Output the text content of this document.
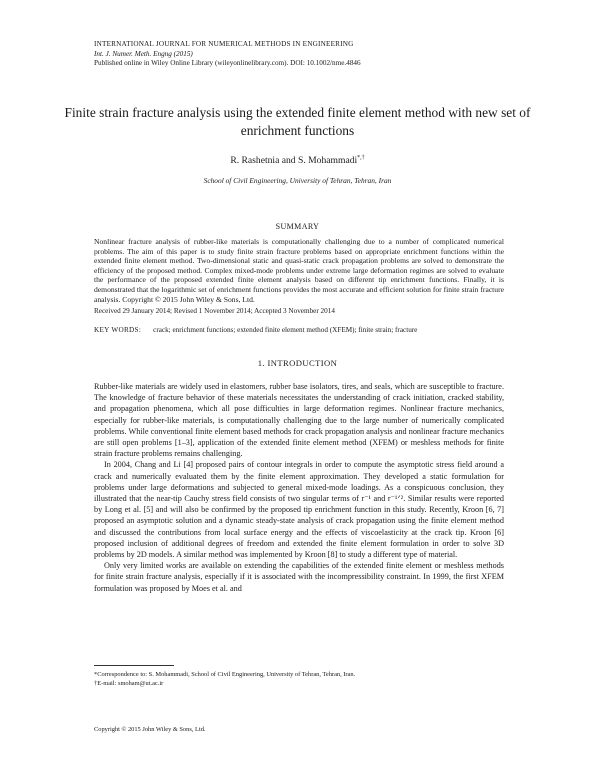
INTERNATIONAL JOURNAL FOR NUMERICAL METHODS IN ENGINEERING
Int. J. Numer. Meth. Engng (2015)
Published online in Wiley Online Library (wileyonlinelibrary.com). DOI: 10.1002/nme.4846
Finite strain fracture analysis using the extended finite element method with new set of enrichment functions
R. Rashetnia and S. Mohammadi*,†
School of Civil Engineering, University of Tehran, Tehran, Iran
SUMMARY
Nonlinear fracture analysis of rubber-like materials is computationally challenging due to a number of complicated numerical problems. The aim of this paper is to study finite strain fracture problems based on appropriate enrichment functions within the extended finite element method. Two-dimensional static and quasi-static crack propagation problems are solved to demonstrate the efficiency of the proposed method. Complex mixed-mode problems under extreme large deformation regimes are solved to evaluate the performance of the proposed extended finite element analysis based on different tip enrichment functions. Finally, it is demonstrated that the logarithmic set of enrichment functions provides the most accurate and efficient solution for finite strain fracture analysis. Copyright © 2015 John Wiley & Sons, Ltd.
Received 29 January 2014; Revised 1 November 2014; Accepted 3 November 2014
KEY WORDS: crack; enrichment functions; extended finite element method (XFEM); finite strain; fracture
1. INTRODUCTION

Rubber-like materials are widely used in elastomers, rubber base isolators, tires, and seals, which are susceptible to fracture. The knowledge of fracture behavior of these materials necessitates the understanding of crack initiation, cracked stability, and propagation phenomena, which all pose difficulties in large deformation regimes. Nonlinear fracture mechanics, especially for rubber-like materials, is computationally challenging due to the large number of numerically complicated problems. While conventional finite element based methods for crack propagation analysis and nonlinear fracture mechanics are still open problems [1–3], application of the extended finite element method (XFEM) or meshless methods for finite strain fracture problems remains challenging.

In 2004, Chang and Li [4] proposed pairs of contour integrals in order to compute the asymptotic stress field around a crack and numerically evaluated them by the finite element approximation. They developed a static formulation for problems under large deformations and subjected to general mixed-mode loadings. As a conspicuous conclusion, they illustrated that the near-tip Cauchy stress field consists of two singular terms of r⁻¹ and r⁻¹ᐟ². Similar results were reported by Long et al. [5] and will also be confirmed by the proposed tip enrichment function in this study. Recently, Kroon [6, 7] proposed an asymptotic solution and a dynamic steady-state analysis of crack propagation using the finite element method and discussed the contributions from local surface energy and the effects of viscoelasticity at the crack tip. Kroon [6] proposed inclusion of additional degrees of freedom and extended the finite element formulation in order to solve 3D problems by 2D models. A similar method was implemented by Kroon [8] to study a different type of material.

Only very limited works are available on extending the capabilities of the extended finite element or meshless methods for finite strain fracture analysis, especially if it is associated with the incompressibility constraint. In 1999, the first XFEM formulation was proposed by Moes et al. and

*Correspondence to: S. Mohammadi, School of Civil Engineering, University of Tehran, Tehran, Iran.
†E-mail: smoham@ut.ac.ir
Copyright © 2015 John Wiley & Sons, Ltd.
